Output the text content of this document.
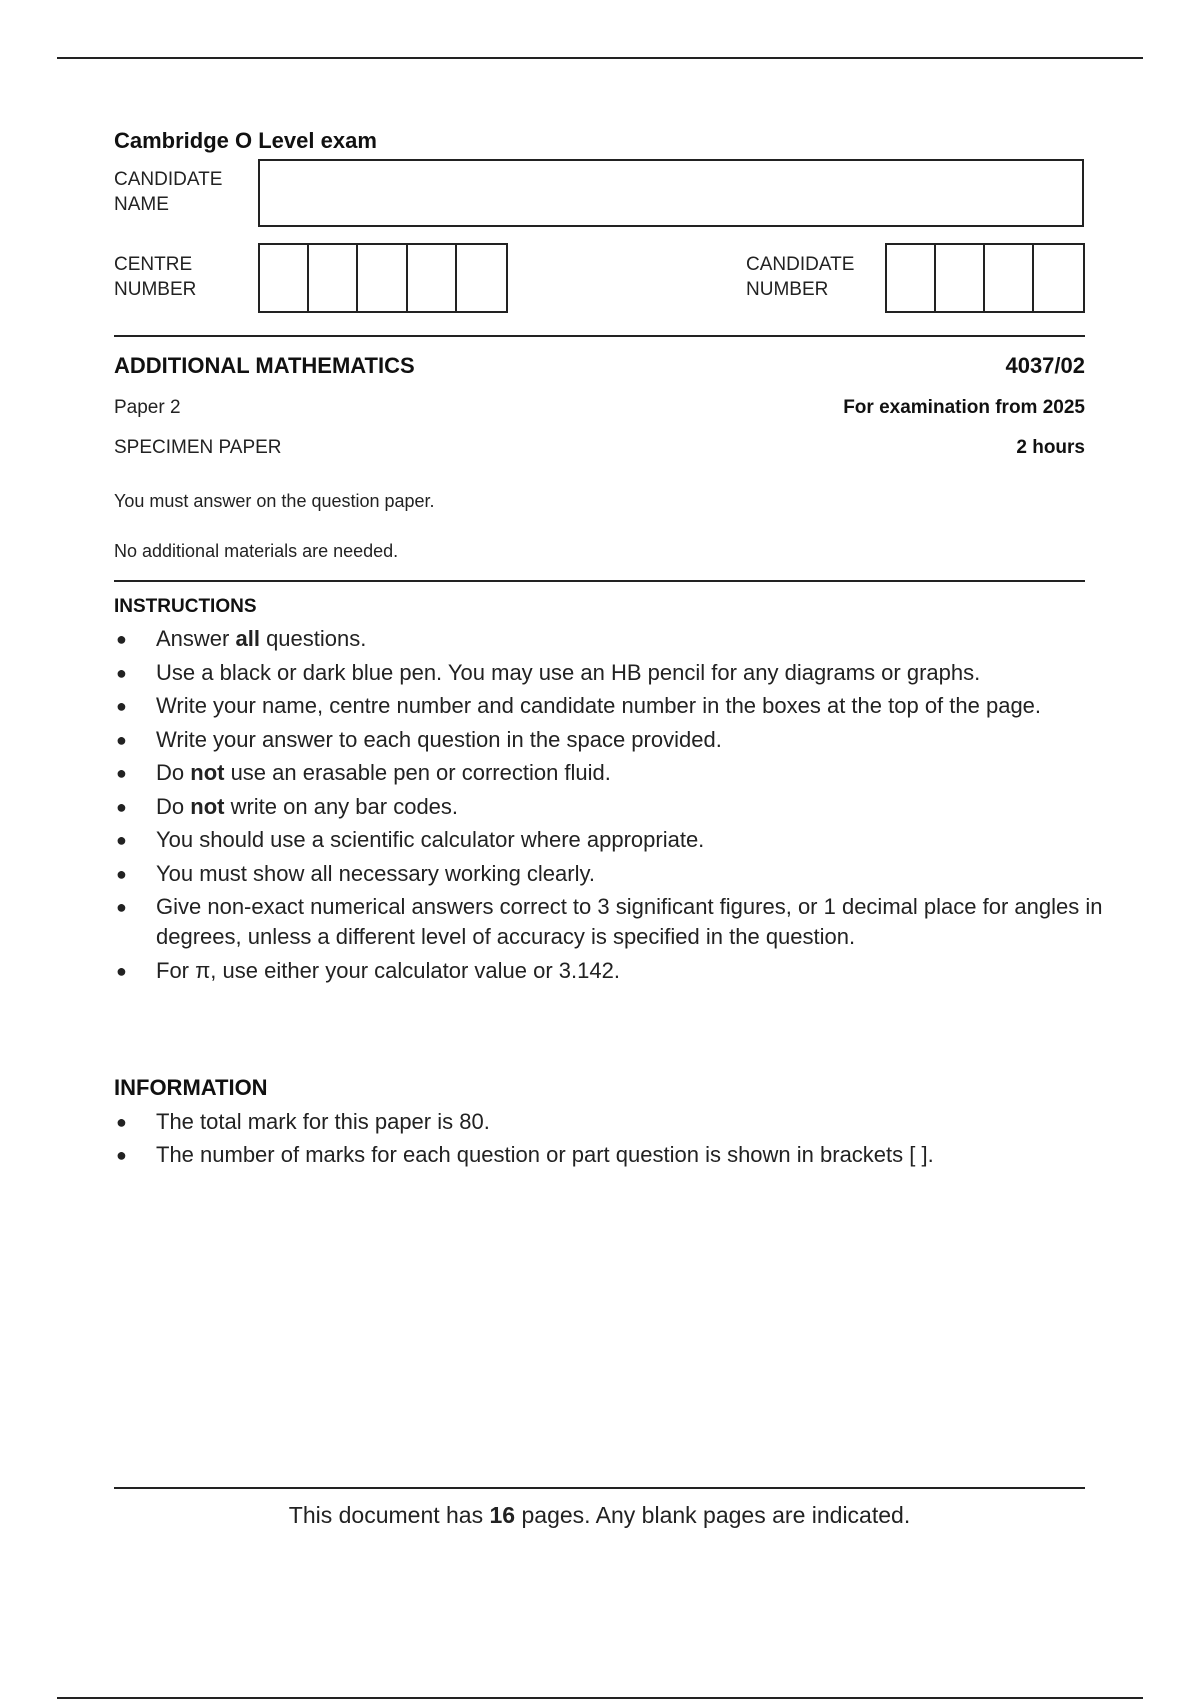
Cambridge O Level exam
CANDIDATE
NAME
CENTRE
NUMBER
CANDIDATE
NUMBER
ADDITIONAL MATHEMATICS	4037/02
Paper 2	For examination from 2025
SPECIMEN PAPER	2 hours
You must answer on the question paper.
No additional materials are needed.
INSTRUCTIONS
● Answer all questions.
● Use a black or dark blue pen. You may use an HB pencil for any diagrams or graphs.
● Write your name, centre number and candidate number in the boxes at the top of the page.
● Write your answer to each question in the space provided.
● Do not use an erasable pen or correction fluid.
● Do not write on any bar codes.
● You should use a scientific calculator where appropriate.
● You must show all necessary working clearly.
● Give non-exact numerical answers correct to 3 significant figures, or 1 decimal place for angles in degrees, unless a different level of accuracy is specified in the question.
● For π, use either your calculator value or 3.142.
INFORMATION
● The total mark for this paper is 80.
● The number of marks for each question or part question is shown in brackets [ ].
This document has 16 pages. Any blank pages are indicated.
